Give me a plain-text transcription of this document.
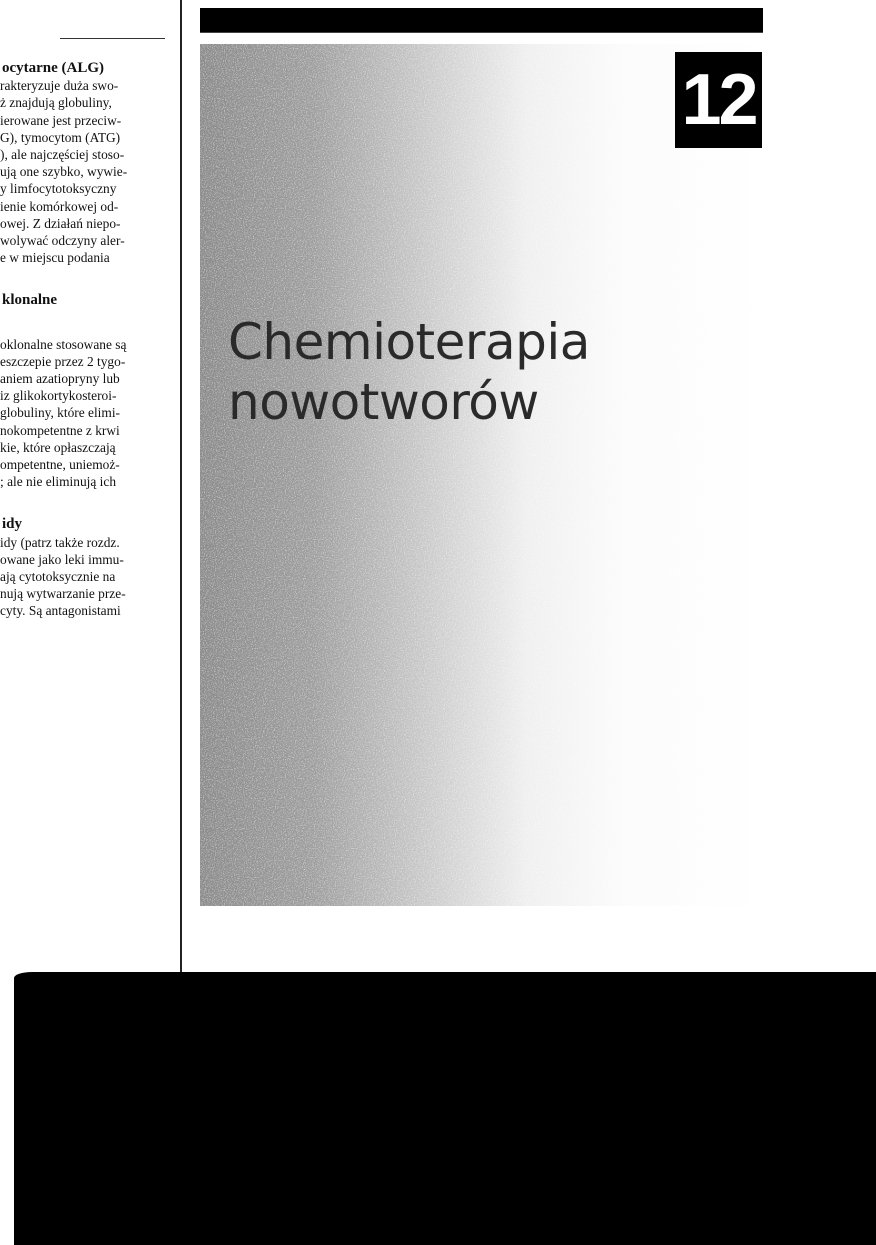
ocytarne (ALG)
rakteryzuje duża swo-
ż znajdują globuliny,
ierowane jest przeciw-
G), tymocytom (ATG)
), ale najczęściej stoso-
ują one szybko, wywie-
y limfocytotoksyczny
ienie komórkowej od-
owej. Z działań niepo-
wolywać odczyny aler-
e w miejscu podania
klonalne
oklonalne stosowane są
eszczepie przez 2 tygo-
aniem azatiopryny lub
iz glikokortykosteroi-
globuliny, które elimi-
nokompetentne z krwi
kie, które opłaszczają
ompetentne, uniemoż-
; ale nie eliminują ich
idy
idy (patrz także rozdz.
owane jako leki immu-
ają cytotoksycznie na
nują wytwarzanie prze-
cyty. Są antagonistami
12
Chemioterapia
nowotworów
